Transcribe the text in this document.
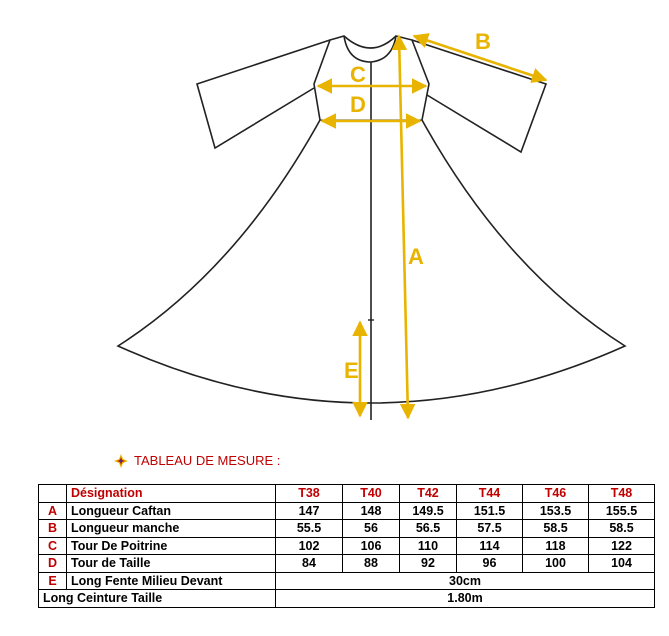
A
B
C
D
E
TABLEAU DE MESURE :
	Désignation	T38	T40	T42	T44	T46	T48
A	Longueur Caftan	147	148	149.5	151.5	153.5	155.5
B	Longueur manche	55.5	56	56.5	57.5	58.5	58.5
C	Tour De Poitrine	102	106	110	114	118	122
D	Tour de Taille	84	88	92	96	100	104
E	Long Fente Milieu Devant	30cm					
Long Ceinture Taille		1.80m					
